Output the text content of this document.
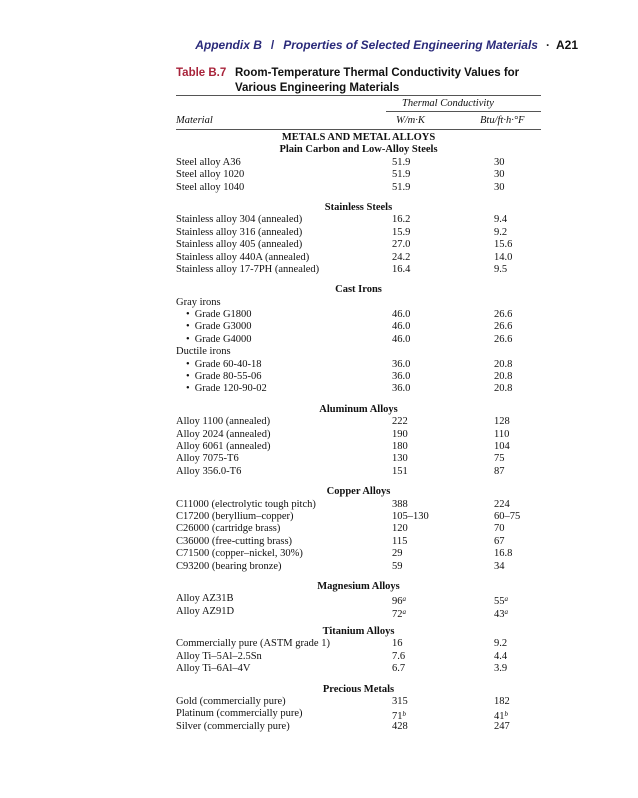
Appendix B / Properties of Selected Engineering Materials · A21
Table B.7 Room-Temperature Thermal Conductivity Values for
Various Engineering Materials
Thermal Conductivity
Material	W/m·K	Btu/ft·h·°F
METALS AND METAL ALLOYS
Plain Carbon and Low-Alloy Steels
Steel alloy A36	51.9	30
Steel alloy 1020	51.9	30
Steel alloy 1040	51.9	30
Stainless Steels
Stainless alloy 304 (annealed)	16.2	9.4
Stainless alloy 316 (annealed)	15.9	9.2
Stainless alloy 405 (annealed)	27.0	15.6
Stainless alloy 440A (annealed)	24.2	14.0
Stainless alloy 17-7PH (annealed)	16.4	9.5
Cast Irons
Gray irons
• Grade G1800	46.0	26.6
• Grade G3000	46.0	26.6
• Grade G4000	46.0	26.6
Ductile irons
• Grade 60-40-18	36.0	20.8
• Grade 80-55-06	36.0	20.8
• Grade 120-90-02	36.0	20.8
Aluminum Alloys
Alloy 1100 (annealed)	222	128
Alloy 2024 (annealed)	190	110
Alloy 6061 (annealed)	180	104
Alloy 7075-T6	130	75
Alloy 356.0-T6	151	87
Copper Alloys
C11000 (electrolytic tough pitch)	388	224
C17200 (beryllium–copper)	105–130	60–75
C26000 (cartridge brass)	120	70
C36000 (free-cutting brass)	115	67
C71500 (copper–nickel, 30%)	29	16.8
C93200 (bearing bronze)	59	34
Magnesium Alloys
Alloy AZ31B	96$^a$	55$^a$
Alloy AZ91D	72$^a$	43$^a$
Titanium Alloys
Commercially pure (ASTM grade 1)	16	9.2
Alloy Ti–5Al–2.5Sn	7.6	4.4
Alloy Ti–6Al–4V	6.7	3.9
Precious Metals
Gold (commercially pure)	315	182
Platinum (commercially pure)	71$^b$	41$^b$
Silver (commercially pure)	428	247
